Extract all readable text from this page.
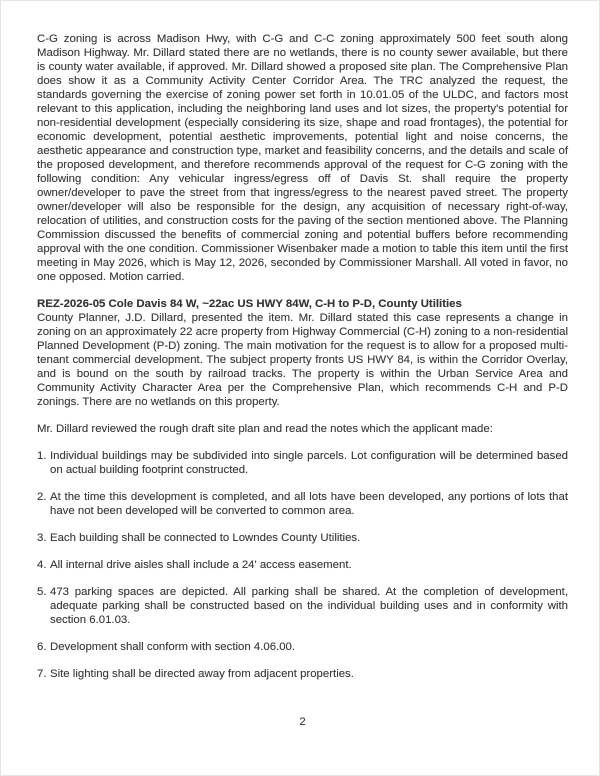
C-G zoning is across Madison Hwy, with C-G and C-C zoning approximately 500 feet south along Madison Highway. Mr. Dillard stated there are no wetlands, there is no county sewer available, but there is county water available, if approved. Mr. Dillard showed a proposed site plan. The Comprehensive Plan does show it as a Community Activity Center Corridor Area. The TRC analyzed the request, the standards governing the exercise of zoning power set forth in 10.01.05 of the ULDC, and factors most relevant to this application, including the neighboring land uses and lot sizes, the property's potential for non-residential development (especially considering its size, shape and road frontages), the potential for economic development, potential aesthetic improvements, potential light and noise concerns, the aesthetic appearance and construction type, market and feasibility concerns, and the details and scale of the proposed development, and therefore recommends approval of the request for C-G zoning with the following condition: Any vehicular ingress/egress off of Davis St. shall require the property owner/developer to pave the street from that ingress/egress to the nearest paved street. The property owner/developer will also be responsible for the design, any acquisition of necessary right-of-way, relocation of utilities, and construction costs for the paving of the section mentioned above. The Planning Commission discussed the benefits of commercial zoning and potential buffers before recommending approval with the one condition. Commissioner Wisenbaker made a motion to table this item until the first meeting in May 2026, which is May 12, 2026, seconded by Commissioner Marshall. All voted in favor, no one opposed. Motion carried.

REZ-2026-05 Cole Davis 84 W, ~22ac US HWY 84W, C-H to P-D, County Utilities

County Planner, J.D. Dillard, presented the item. Mr. Dillard stated this case represents a change in zoning on an approximately 22 acre property from Highway Commercial (C-H) zoning to a non-residential Planned Development (P-D) zoning. The main motivation for the request is to allow for a proposed multi-tenant commercial development. The subject property fronts US HWY 84, is within the Corridor Overlay, and is bound on the south by railroad tracks. The property is within the Urban Service Area and Community Activity Character Area per the Comprehensive Plan, which recommends C-H and P-D zonings. There are no wetlands on this property.

Mr. Dillard reviewed the rough draft site plan and read the notes which the applicant made:

1. Individual buildings may be subdivided into single parcels. Lot configuration will be determined based on actual building footprint constructed.
2. At the time this development is completed, and all lots have been developed, any portions of lots that have not been developed will be converted to common area.
3. Each building shall be connected to Lowndes County Utilities.
4. All internal drive aisles shall include a 24' access easement.
5. 473 parking spaces are depicted. All parking shall be shared. At the completion of development, adequate parking shall be constructed based on the individual building uses and in conformity with section 6.01.03.
6. Development shall conform with section 4.06.00.
7. Site lighting shall be directed away from adjacent properties.
2
